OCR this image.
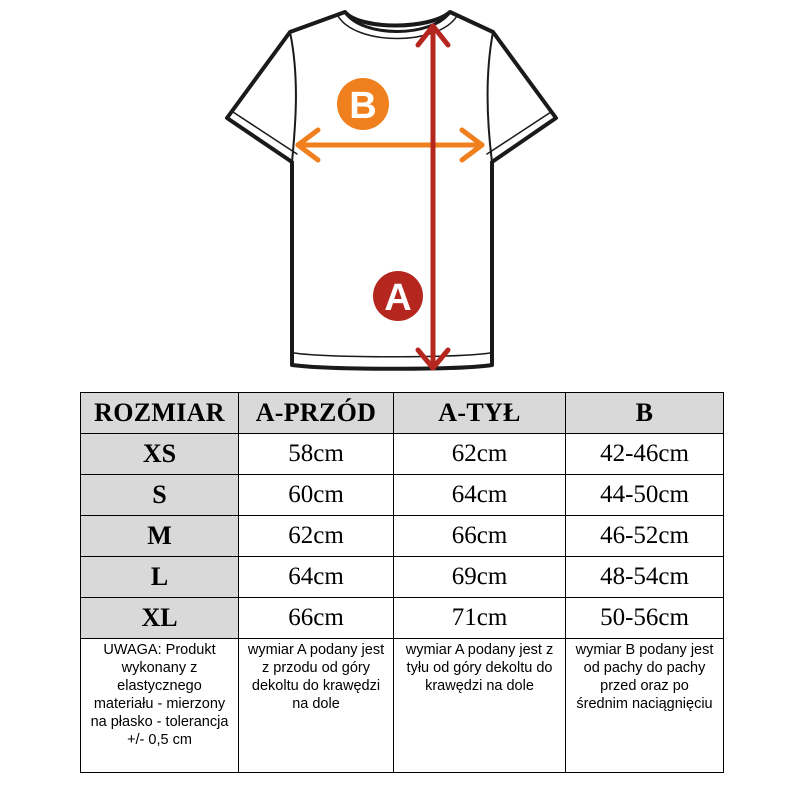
B
A
ROZMIAR	A-PRZÓD	A-TYŁ	B
XS	58cm	62cm	42-46cm
S	60cm	64cm	44-50cm
M	62cm	66cm	46-52cm
L	64cm	69cm	48-54cm
XL	66cm	71cm	50-56cm
UWAGA: Produkt wykonany z elastycznego materiału - mierzony na płasko - tolerancja +/- 0,5 cm	wymiar A podany jest z przodu od góry dekoltu do krawędzi na dole	wymiar A podany jest z tyłu od góry dekoltu do krawędzi na dole	wymiar B podany jest od pachy do pachy przed oraz po średnim naciągnięciu
